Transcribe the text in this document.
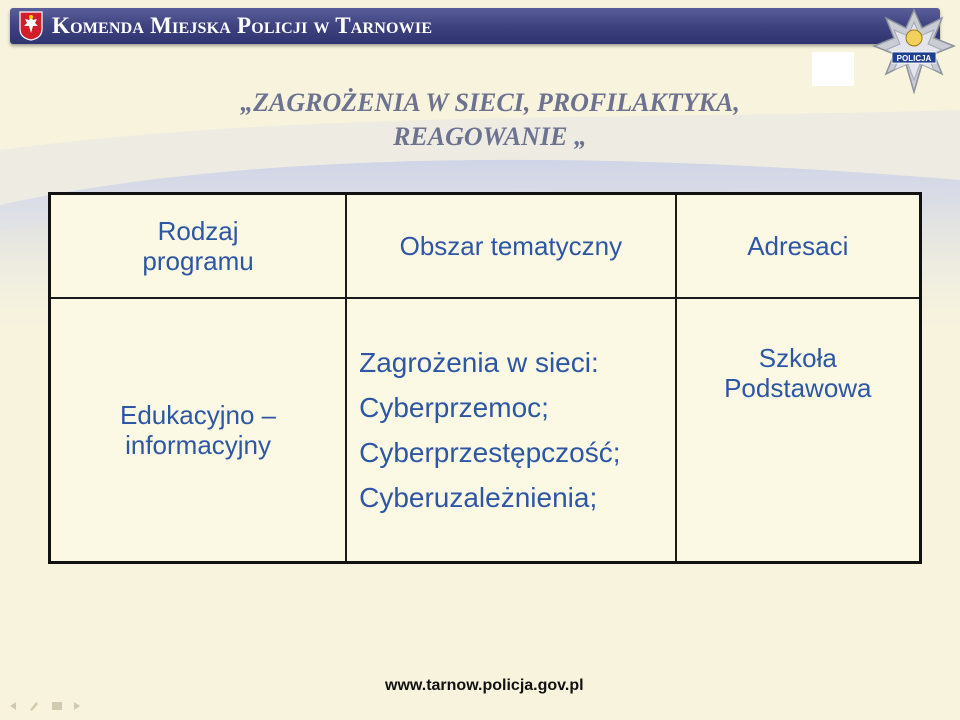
Komenda Miejska Policji w Tarnowie
POLICJA
„ZAGROŻENIA W SIECI, PROFILAKTYKA,
REAGOWANIE „
Rodzaj programu	Obszar tematyczny	Adresaci

Edukacyjno – informacyjny	Zagrożenia w sieci:
Cyberprzemoc;
Cyberprzestępczość;
Cyberuzależnienia;	Szkoła Podstawowa
www.tarnow.policja.gov.pl
